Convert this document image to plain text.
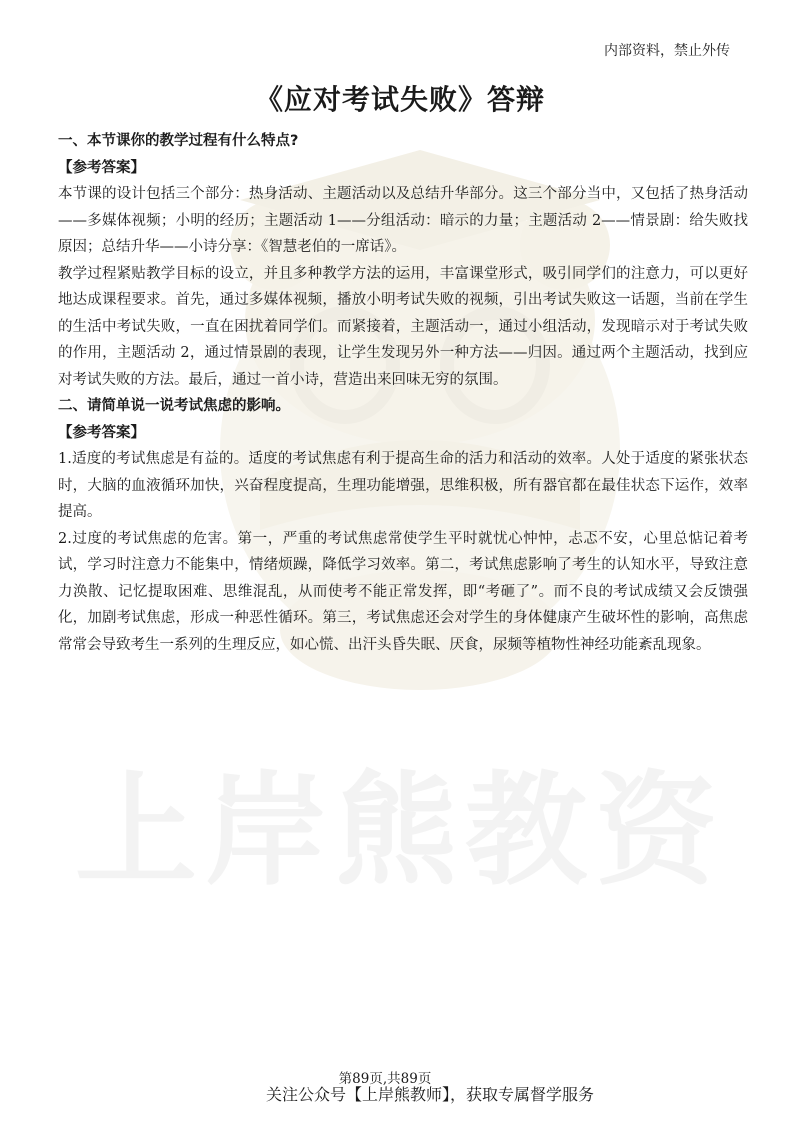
上岸熊教资
内部资料，禁止外传
《应对考试失败》答辩
一、本节课你的教学过程有什么特点?
【参考答案】

本节课的设计包括三个部分：热身活动、主题活动以及总结升华部分。这三个部分当中，又包括了热身活动——多媒体视频；小明的经历；主题活动 1——分组活动：暗示的力量；主题活动 2——情景剧：给失败找原因；总结升华——小诗分享：《智慧老伯的一席话》。

教学过程紧贴教学目标的设立，并且多种教学方法的运用，丰富课堂形式，吸引同学们的注意力，可以更好地达成课程要求。首先，通过多媒体视频，播放小明考试失败的视频，引出考试失败这一话题，当前在学生的生活中考试失败，一直在困扰着同学们。而紧接着，主题活动一，通过小组活动，发现暗示对于考试失败的作用，主题活动 2，通过情景剧的表现，让学生发现另外一种方法——归因。通过两个主题活动，找到应对考试失败的方法。最后，通过一首小诗，营造出来回味无穷的氛围。

二、请简单说一说考试焦虑的影响。
【参考答案】

1.适度的考试焦虑是有益的。适度的考试焦虑有利于提高生命的活力和活动的效率。人处于适度的紧张状态时，大脑的血液循环加快，兴奋程度提高，生理功能增强，思维积极，所有器官都在最佳状态下运作，效率提高。

2.过度的考试焦虑的危害。第一，严重的考试焦虑常使学生平时就忧心忡忡，忐忑不安，心里总惦记着考试，学习时注意力不能集中，情绪烦躁，降低学习效率。第二，考试焦虑影响了考生的认知水平，导致注意力涣散、记忆提取困难、思维混乱，从而使考不能正常发挥，即“考砸了”。而不良的考试成绩又会反馈强化，加剧考试焦虑，形成一种恶性循环。第三，考试焦虑还会对学生的身体健康产生破坏性的影响，高焦虑常常会导致考生一系列的生理反应，如心慌、出汗头昏失眠、厌食，尿频等植物性神经功能紊乱现象。

第89页,共89页
关注公众号【上岸熊教师】，获取专属督学服务
